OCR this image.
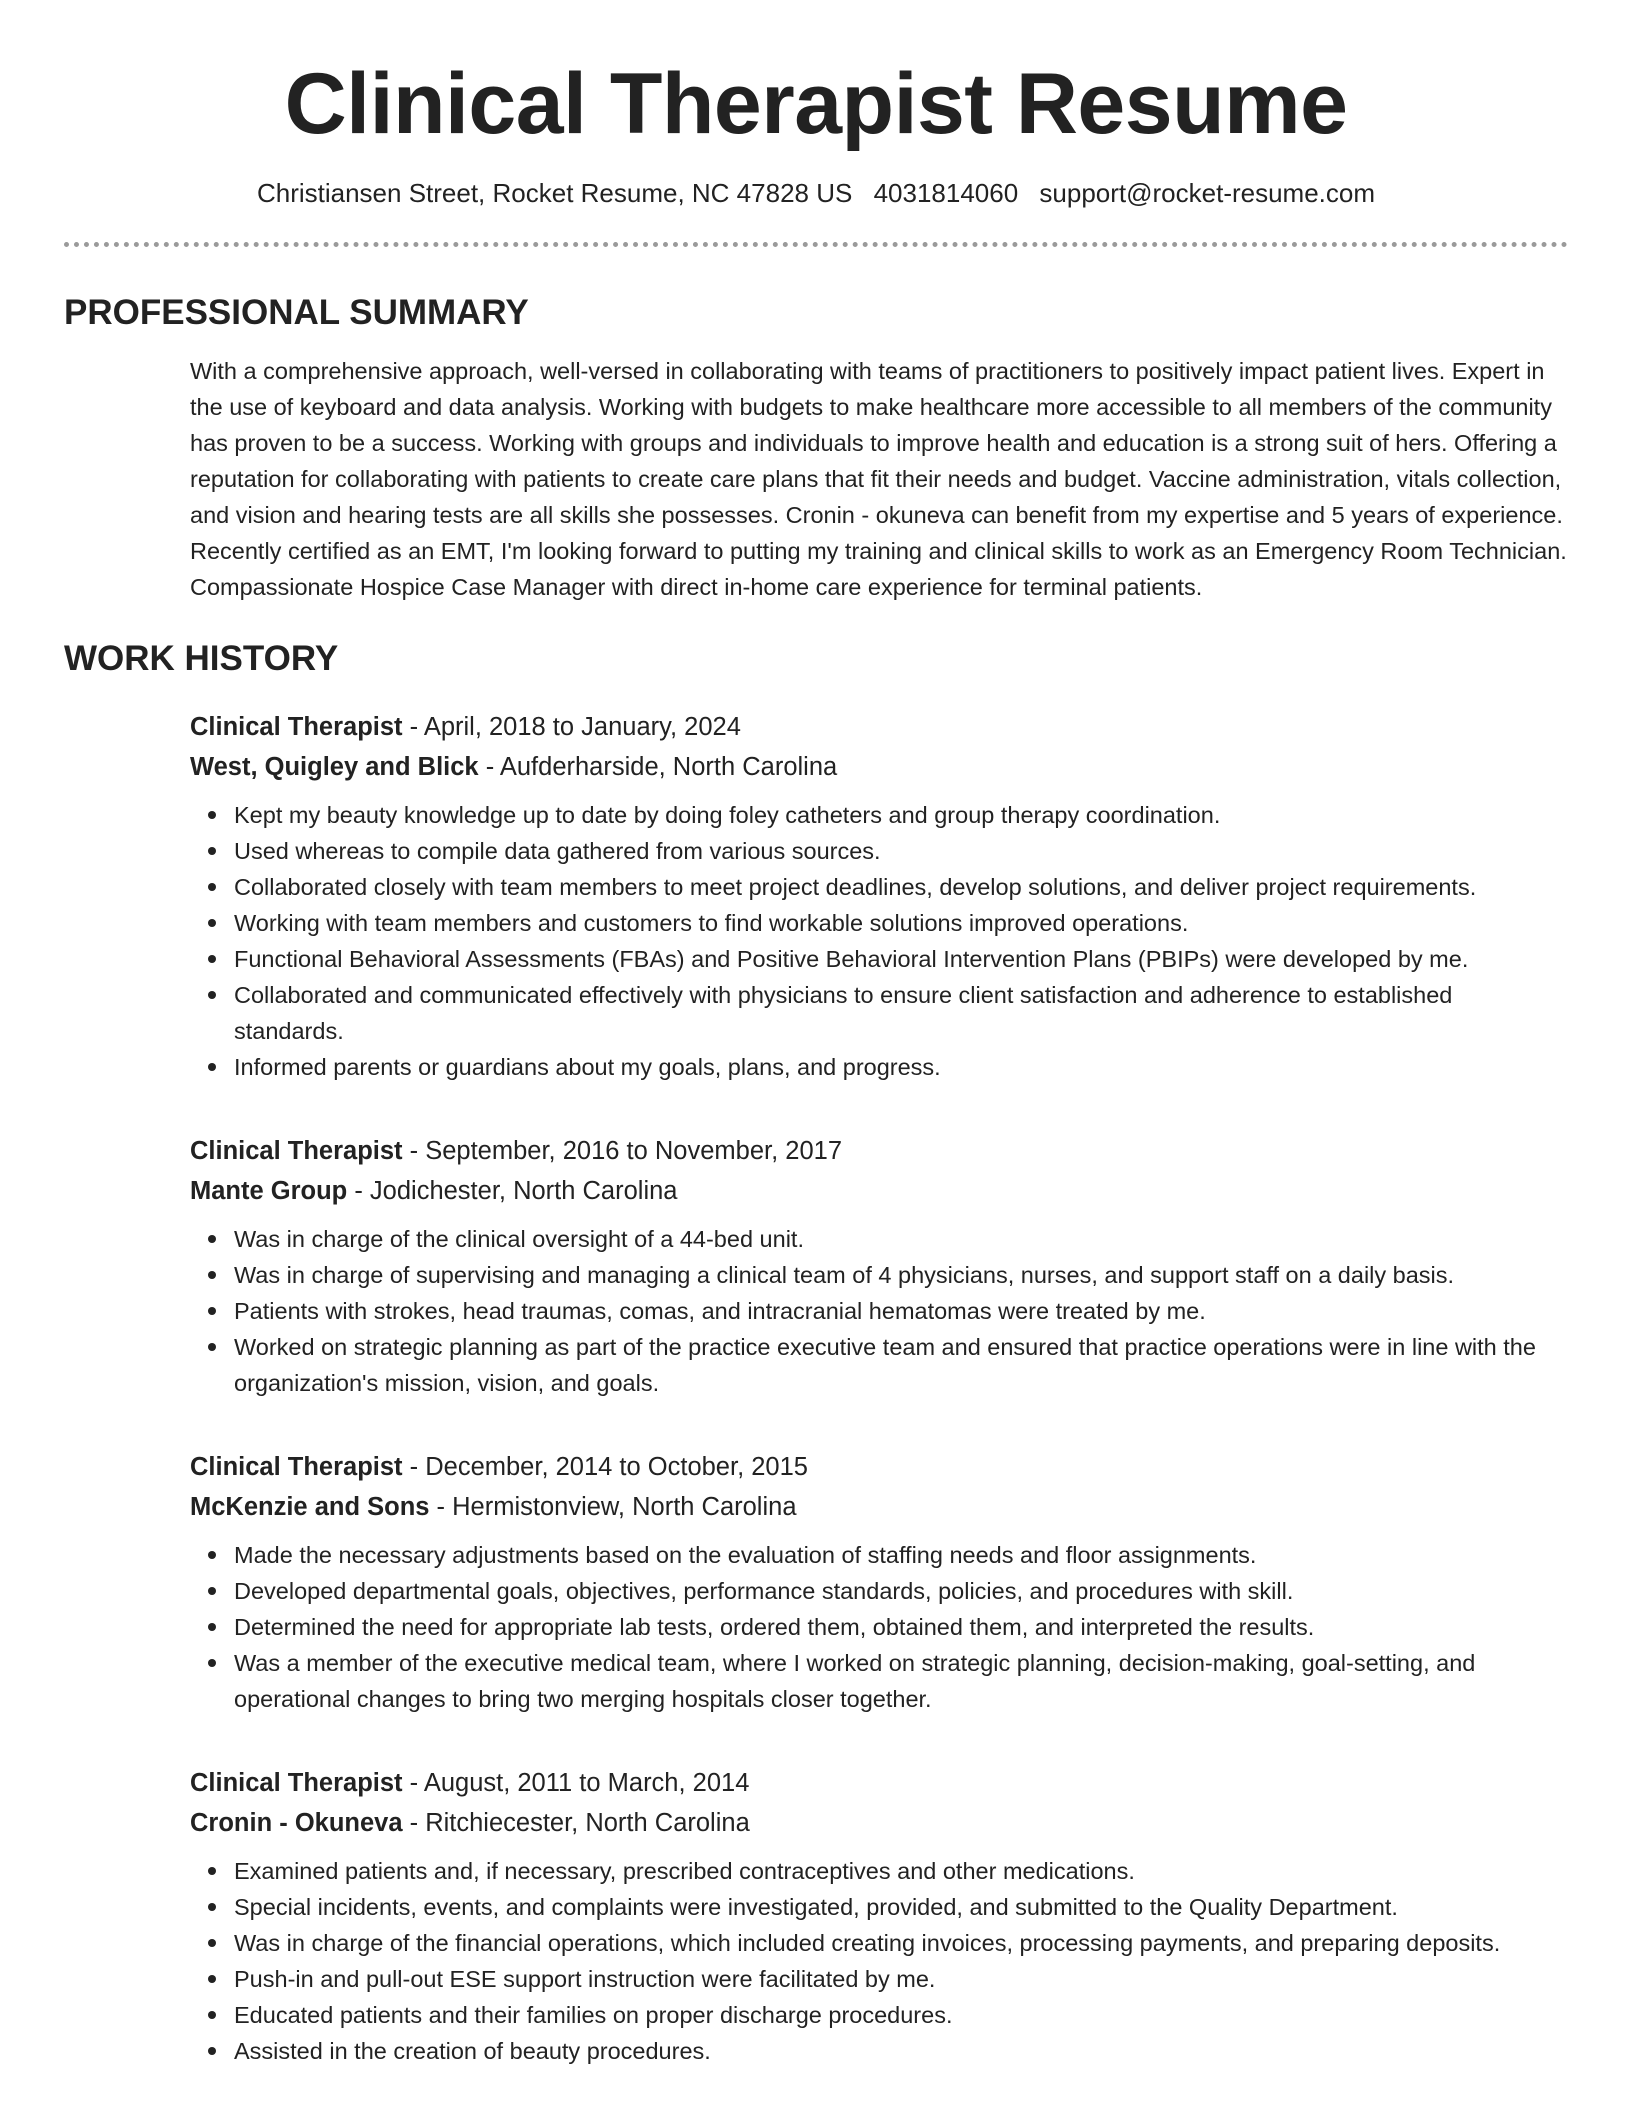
Clinical Therapist Resume
Christiansen Street, Rocket Resume, NC 47828 US 4031814060 support@rocket-resume.com
PROFESSIONAL SUMMARY

With a comprehensive approach, well-versed in collaborating with teams of practitioners to positively impact patient lives. Expert in the use of keyboard and data analysis. Working with budgets to make healthcare more accessible to all members of the community has proven to be a success. Working with groups and individuals to improve health and education is a strong suit of hers. Offering a reputation for collaborating with patients to create care plans that fit their needs and budget. Vaccine administration, vitals collection, and vision and hearing tests are all skills she possesses. Cronin - okuneva can benefit from my expertise and 5 years of experience. Recently certified as an EMT, I'm looking forward to putting my training and clinical skills to work as an Emergency Room Technician. Compassionate Hospice Case Manager with direct in-home care experience for terminal patients.

WORK HISTORY
Clinical Therapist - April, 2018 to January, 2024
West, Quigley and Blick - Aufderharside, North Carolina
Kept my beauty knowledge up to date by doing foley catheters and group therapy coordination.
Used whereas to compile data gathered from various sources.
Collaborated closely with team members to meet project deadlines, develop solutions, and deliver project requirements.
Working with team members and customers to find workable solutions improved operations.
Functional Behavioral Assessments (FBAs) and Positive Behavioral Intervention Plans (PBIPs) were developed by me.
Collaborated and communicated effectively with physicians to ensure client satisfaction and adherence to established standards.
Informed parents or guardians about my goals, plans, and progress.
Clinical Therapist - September, 2016 to November, 2017
Mante Group - Jodichester, North Carolina
Was in charge of the clinical oversight of a 44-bed unit.
Was in charge of supervising and managing a clinical team of 4 physicians, nurses, and support staff on a daily basis.
Patients with strokes, head traumas, comas, and intracranial hematomas were treated by me.
Worked on strategic planning as part of the practice executive team and ensured that practice operations were in line with the organization's mission, vision, and goals.
Clinical Therapist - December, 2014 to October, 2015
McKenzie and Sons - Hermistonview, North Carolina
Made the necessary adjustments based on the evaluation of staffing needs and floor assignments.
Developed departmental goals, objectives, performance standards, policies, and procedures with skill.
Determined the need for appropriate lab tests, ordered them, obtained them, and interpreted the results.
Was a member of the executive medical team, where I worked on strategic planning, decision-making, goal-setting, and operational changes to bring two merging hospitals closer together.
Clinical Therapist - August, 2011 to March, 2014
Cronin - Okuneva - Ritchiecester, North Carolina
Examined patients and, if necessary, prescribed contraceptives and other medications.
Special incidents, events, and complaints were investigated, provided, and submitted to the Quality Department.
Was in charge of the financial operations, which included creating invoices, processing payments, and preparing deposits.
Push-in and pull-out ESE support instruction were facilitated by me.
Educated patients and their families on proper discharge procedures.
Assisted in the creation of beauty procedures.
